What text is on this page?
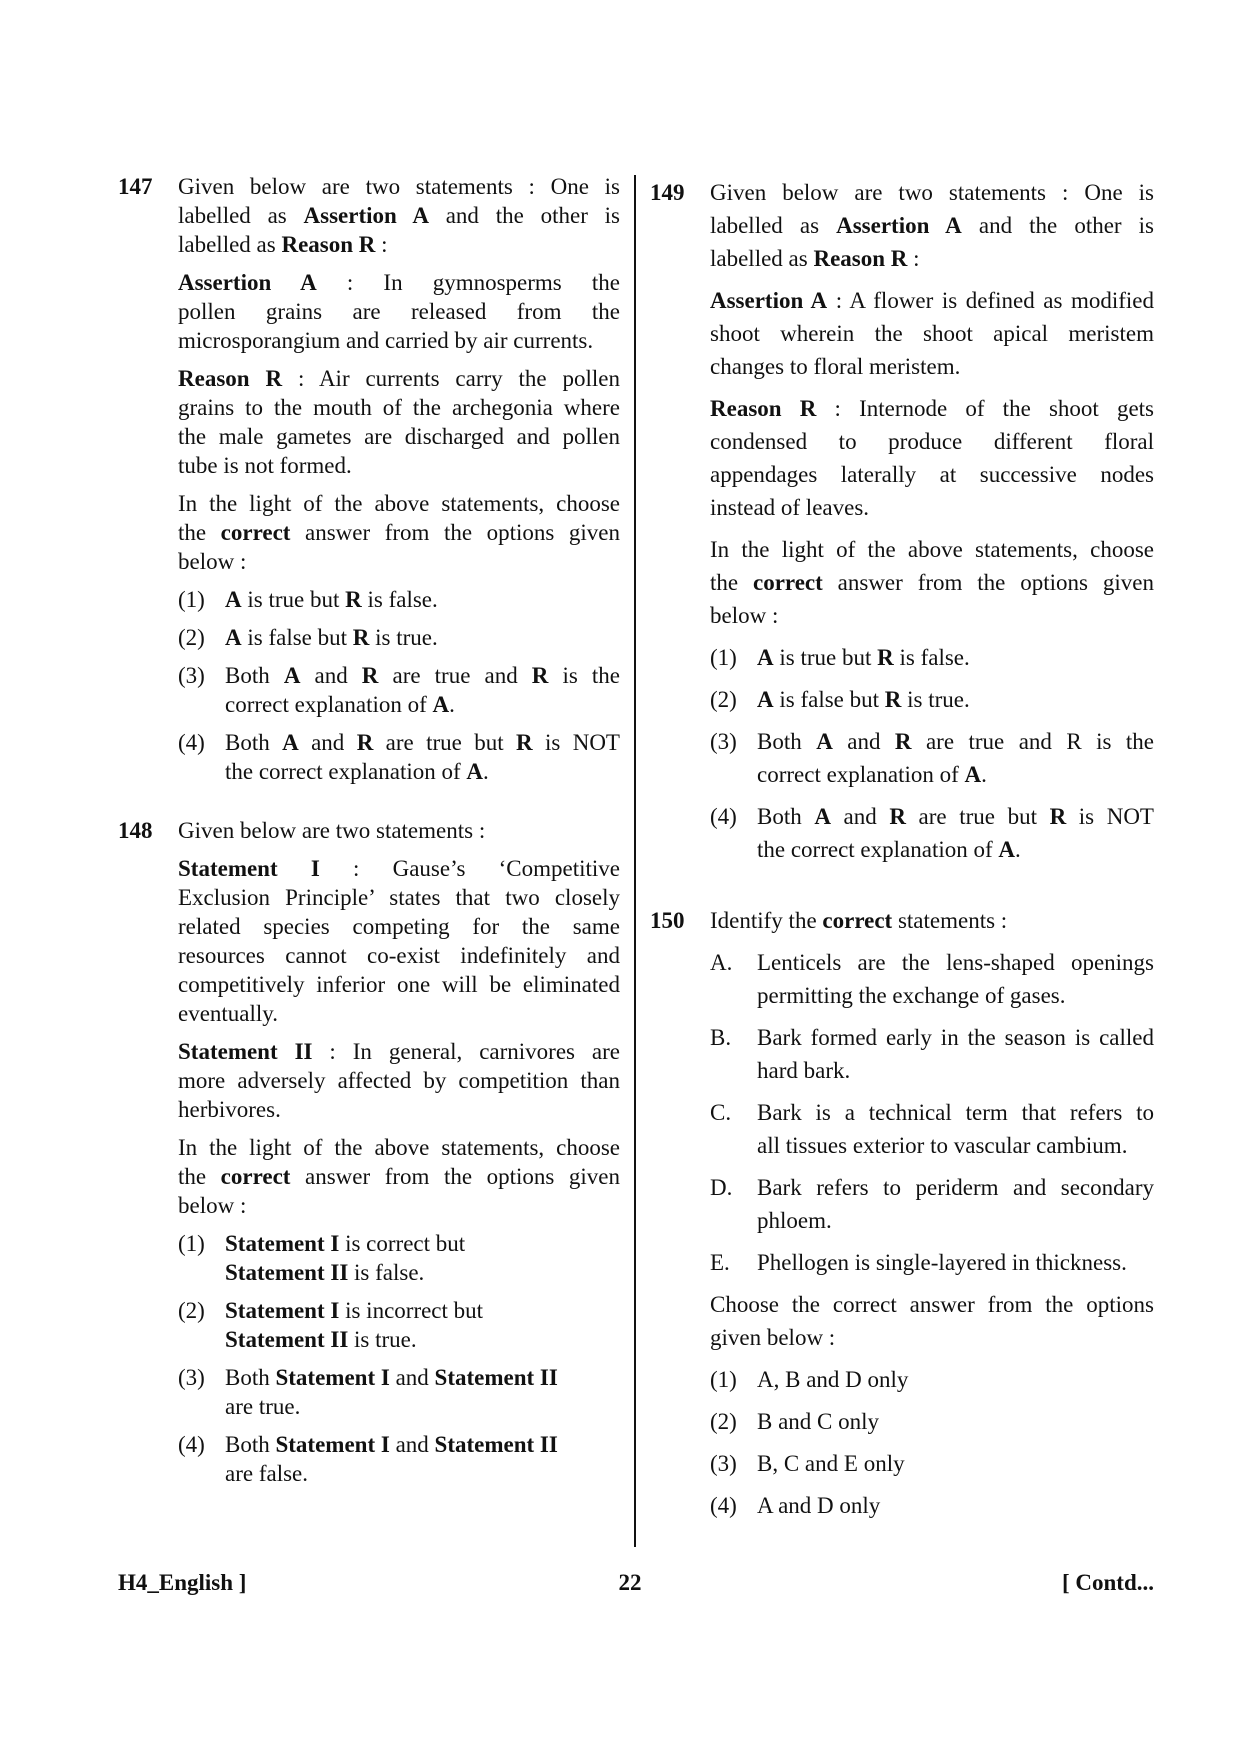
147 Given below are two statements : One is
labelled as Assertion A and the other is
labelled as Reason R :
Assertion A : In gymnosperms the
pollen grains are released from the
microsporangium and carried by air currents.
Reason R : Air currents carry the pollen
grains to the mouth of the archegonia where
the male gametes are discharged and pollen
tube is not formed.
In the light of the above statements, choose
the correct answer from the options given
below :
(1) A is true but R is false.
(2) A is false but R is true.
(3) Both A and R are true and R is the
correct explanation of A.
(4) Both A and R are true but R is NOT
the correct explanation of A.
148 Given below are two statements :
Statement I : Gause’s ‘Competitive
Exclusion Principle’ states that two closely
related species competing for the same
resources cannot co-exist indefinitely and
competitively inferior one will be eliminated
eventually.
Statement II : In general, carnivores are
more adversely affected by competition than
herbivores.
In the light of the above statements, choose
the correct answer from the options given
below :
(1) Statement I is correct but
Statement II is false.
(2) Statement I is incorrect but
Statement II is true.
(3) Both Statement I and Statement II
are true.
(4) Both Statement I and Statement II
are false.
149 Given below are two statements : One is
labelled as Assertion A and the other is
labelled as Reason R :
Assertion A : A flower is defined as modified
shoot wherein the shoot apical meristem
changes to floral meristem.
Reason R : Internode of the shoot gets
condensed to produce different floral
appendages laterally at successive nodes
instead of leaves.
In the light of the above statements, choose
the correct answer from the options given
below :
(1) A is true but R is false.
(2) A is false but R is true.
(3) Both A and R are true and R is the
correct explanation of A.
(4) Both A and R are true but R is NOT
the correct explanation of A.
150 Identify the correct statements :
A. Lenticels are the lens-shaped openings
permitting the exchange of gases.
B. Bark formed early in the season is called
hard bark.
C. Bark is a technical term that refers to
all tissues exterior to vascular cambium.
D. Bark refers to periderm and secondary
phloem.
E. Phellogen is single-layered in thickness.
Choose the correct answer from the options
given below :
(1) A, B and D only
(2) B and C only
(3) B, C and E only
(4) A and D only
H4_English ]	22	[ Contd...
